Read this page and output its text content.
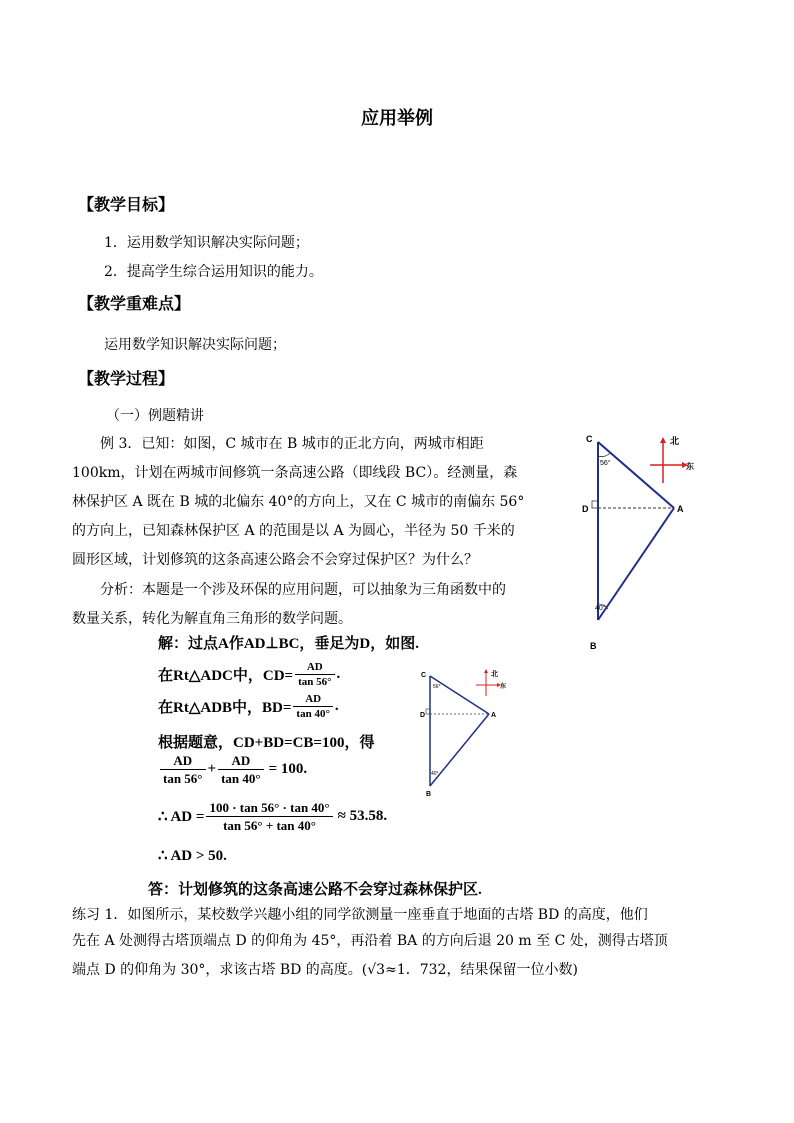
应用举例
【教学目标】
1．运用数学知识解决实际问题；
2．提高学生综合运用知识的能力。
【教学重难点】
运用数学知识解决实际问题；
【教学过程】
（一）例题精讲
例 3．已知：如图，C 城市在 B 城市的正北方向，两城市相距
100km，计划在两城市间修筑一条高速公路（即线段 BC）。经测量，森
林保护区 A 既在 B 城的北偏东 40°的方向上，又在 C 城市的南偏东 56°
的方向上，已知森林保护区 A 的范围是以 A 为圆心，半径为 50 千米的
圆形区域，计划修筑的这条高速公路会不会穿过保护区？为什么？
分析：本题是一个涉及环保的应用问题，可以抽象为三角函数中的
数量关系，转化为解直角三角形的数学问题。
C
D	A
B
56°
40°
北
东
解：过点A作AD⊥BC，垂足为D，如图.
在Rt△ADC中，$CD= \frac{AD}{\tan 56^\circ}$ .
在Rt△ADB中，$BD= \frac{AD}{\tan 40^\circ}$ .
根据题意，CD+BD=CB=100，得
$\frac{AD}{\tan 56^\circ} + \frac{AD}{\tan 40^\circ} = 100$.
∴ AD = $\frac{100 \cdot \tan 56^\circ \cdot \tan 40^\circ}{\tan 56^\circ + \tan 40^\circ} \approx 53.58$.
∴ AD > 50.
答：计划修筑的这条高速公路不会穿过森林保护区.
C
D	A
B
56°
40°
北
东
练习 1．如图所示，某校数学兴趣小组的同学欲测量一座垂直于地面的古塔 BD 的高度，他们
先在 A 处测得古塔顶端点 D 的仰角为 45°，再沿着 BA 的方向后退 20 m 至 C 处，测得古塔顶
端点 D 的仰角为 30°，求该古塔 BD 的高度。(√3≈1．732，结果保留一位小数)
